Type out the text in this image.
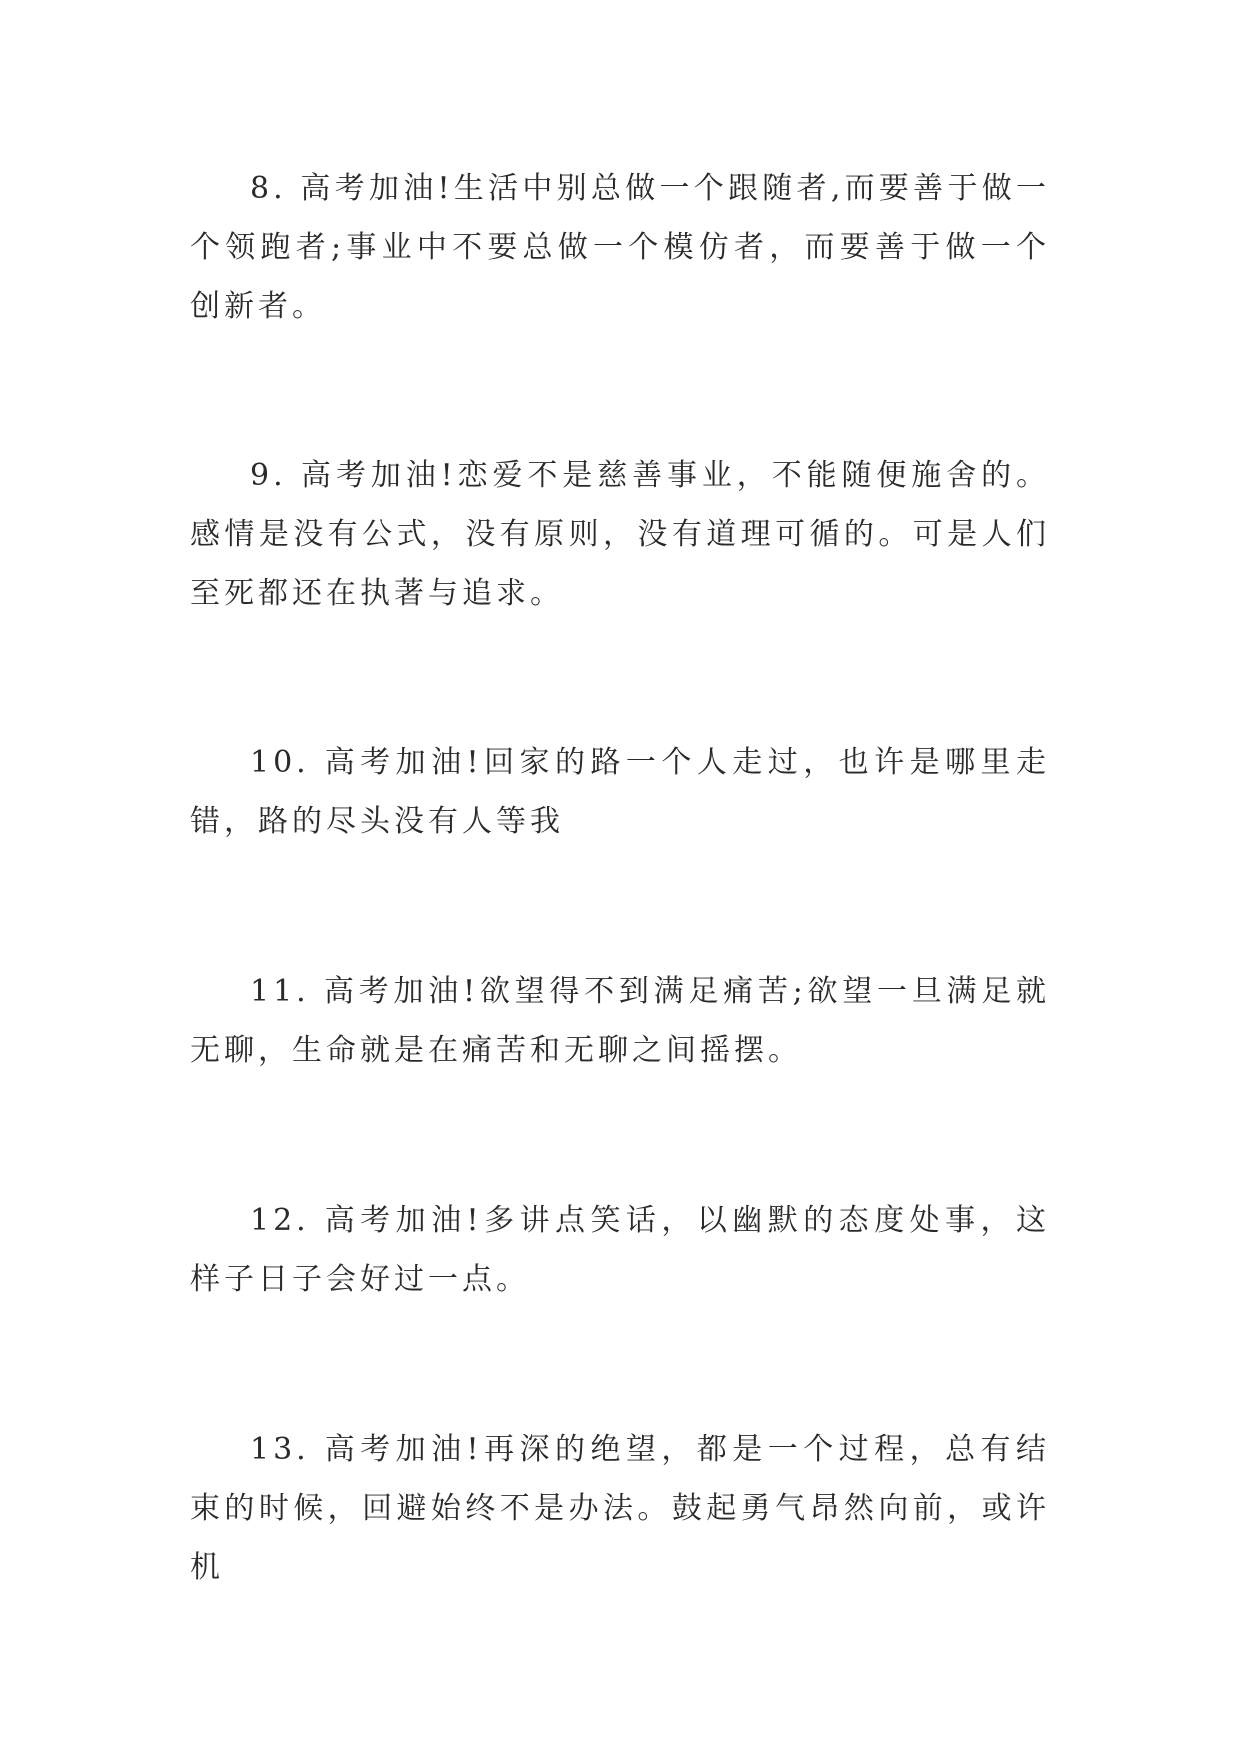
8. 高考加油!生活中别总做一个跟随者,而要善于做一个领跑者;事业中不要总做一个模仿者，而要善于做一个创新者。

9. 高考加油!恋爱不是慈善事业，不能随便施舍的。感情是没有公式，没有原则，没有道理可循的。可是人们至死都还在执著与追求。

10. 高考加油!回家的路一个人走过，也许是哪里走错，路的尽头没有人等我

11. 高考加油!欲望得不到满足痛苦;欲望一旦满足就无聊，生命就是在痛苦和无聊之间摇摆。

12. 高考加油!多讲点笑话，以幽默的态度处事，这样子日子会好过一点。

13. 高考加油!再深的绝望，都是一个过程，总有结束的时候，回避始终不是办法。鼓起勇气昂然向前，或许机
